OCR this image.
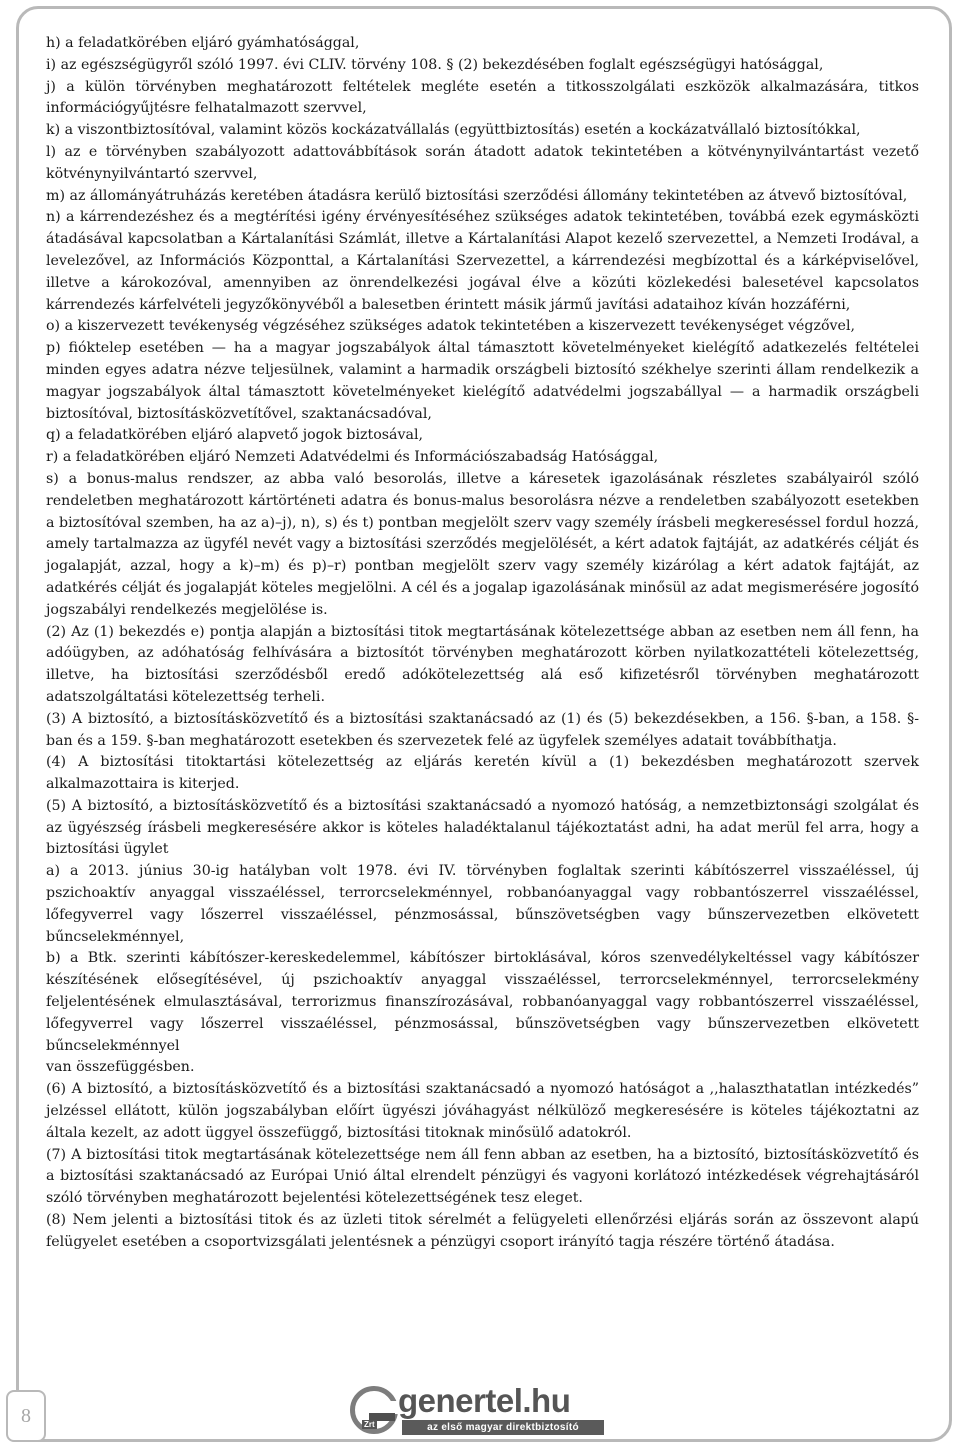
h) a feladatkörében eljáró gyámhatósággal,

i) az egészségügyről szóló 1997. évi CLIV. törvény 108. § (2) bekezdésében foglalt egészségügyi hatósággal,

j) a külön törvényben meghatározott feltételek megléte esetén a titkosszolgálati eszközök alkalmazására, titkos információgyűjtésre felhatalmazott szervvel,

k) a viszontbiztosítóval, valamint közös kockázatvállalás (együttbiztosítás) esetén a kockázatvállaló biztosítókkal,

l) az e törvényben szabályozott adattovábbítások során átadott adatok tekintetében a kötvénynyilvántartást vezető kötvénynyilvántartó szervvel,

m) az állományátruházás keretében átadásra kerülő biztosítási szerződési állomány tekintetében az átvevő biztosítóval,

n) a kárrendezéshez és a megtérítési igény érvényesítéséhez szükséges adatok tekintetében, továbbá ezek egymásközti átadásával kapcsolatban a Kártalanítási Számlát, illetve a Kártalanítási Alapot kezelő szervezettel, a Nemzeti Irodával, a levelezővel, az Információs Központtal, a Kártalanítási Szervezettel, a kárrendezési megbízottal és a kárképviselővel, illetve a károkozóval, amennyiben az önrendelkezési jogával élve a közúti közlekedési balesetével kapcsolatos kárrendezés kárfelvételi jegyzőkönyvéből a balesetben érintett másik jármű javítási adataihoz kíván hozzáférni,

o) a kiszervezett tevékenység végzéséhez szükséges adatok tekintetében a kiszervezett tevékenységet végzővel,

p) fióktelep esetében — ha a magyar jogszabályok által támasztott követelményeket kielégítő adatkezelés feltételei minden egyes adatra nézve teljesülnek, valamint a harmadik országbeli biztosító székhelye szerinti állam rendelkezik a magyar jogszabályok által támasztott követelményeket kielégítő adatvédelmi jogszabállyal — a harmadik országbeli biztosítóval, biztosításközvetítővel, szaktanácsadóval,

q) a feladatkörében eljáró alapvető jogok biztosával,

r) a feladatkörében eljáró Nemzeti Adatvédelmi és Információszabadság Hatósággal,

s) a bonus-malus rendszer, az abba való besorolás, illetve a káresetek igazolásának részletes szabályairól szóló rendeletben meghatározott kártörténeti adatra és bonus-malus besorolásra nézve a rendeletben szabályozott esetekben a biztosítóval szemben, ha az a)–j), n), s) és t) pontban megjelölt szerv vagy személy írásbeli megkereséssel fordul hozzá, amely tartalmazza az ügyfél nevét vagy a biztosítási szerződés megjelölését, a kért adatok fajtáját, az adatkérés célját és jogalapját, azzal, hogy a k)–m) és p)–r) pontban megjelölt szerv vagy személy kizárólag a kért adatok fajtáját, az adatkérés célját és jogalapját köteles megjelölni. A cél és a jogalap igazolásának minősül az adat megismerésére jogosító jogszabályi rendelkezés megjelölése is.

(2) Az (1) bekezdés e) pontja alapján a biztosítási titok megtartásának kötelezettsége abban az esetben nem áll fenn, ha adóügyben, az adóhatóság felhívására a biztosítót törvényben meghatározott körben nyilatkozattételi kötelezettség, illetve, ha biztosítási szerződésből eredő adókötelezettség alá eső kifizetésről törvényben meghatározott adatszolgáltatási kötelezettség terheli.

(3) A biztosító, a biztosításközvetítő és a biztosítási szaktanácsadó az (1) és (5) bekezdésekben, a 156. §-ban, a 158. §-ban és a 159. §-ban meghatározott esetekben és szervezetek felé az ügyfelek személyes adatait továbbíthatja.

(4) A biztosítási titoktartási kötelezettség az eljárás keretén kívül a (1) bekezdésben meghatározott szervek alkalmazottaira is kiterjed.

(5) A biztosító, a biztosításközvetítő és a biztosítási szaktanácsadó a nyomozó hatóság, a nemzetbiztonsági szolgálat és az ügyészség írásbeli megkeresésére akkor is köteles haladéktalanul tájékoztatást adni, ha adat merül fel arra, hogy a biztosítási ügylet

a) a 2013. június 30-ig hatályban volt 1978. évi IV. törvényben foglaltak szerinti kábítószerrel visszaéléssel, új pszichoaktív anyaggal visszaéléssel, terrorcselekménnyel, robbanóanyaggal vagy robbantószerrel visszaéléssel, lőfegyverrel vagy lőszerrel visszaéléssel, pénzmosással, bűnszövetségben vagy bűnszervezetben elkövetett bűncselekménnyel,

b) a Btk. szerinti kábítószer-kereskedelemmel, kábítószer birtoklásával, kóros szenvedélykeltéssel vagy kábítószer készítésének elősegítésével, új pszichoaktív anyaggal visszaéléssel, terrorcselekménnyel, terrorcselekmény feljelentésének elmulasztásával, terrorizmus finanszírozásával, robbanóanyaggal vagy robbantószerrel visszaéléssel, lőfegyverrel vagy lőszerrel visszaéléssel, pénzmosással, bűnszövetségben vagy bűnszervezetben elkövetett bűncselekménnyel

van összefüggésben.

(6) A biztosító, a biztosításközvetítő és a biztosítási szaktanácsadó a nyomozó hatóságot a ,,halaszthatatlan intézkedés” jelzéssel ellátott, külön jogszabályban előírt ügyészi jóváhagyást nélkülöző megkeresésére is köteles tájékoztatni az általa kezelt, az adott üggyel összefüggő, biztosítási titoknak minősülő adatokról.

(7) A biztosítási titok megtartásának kötelezettsége nem áll fenn abban az esetben, ha a biztosító, biztosításközvetítő és a biztosítási szaktanácsadó az Európai Unió által elrendelt pénzügyi és vagyoni korlátozó intézkedések végrehajtásáról szóló törvényben meghatározott bejelentési kötelezettségének tesz eleget.

(8) Nem jelenti a biztosítási titok és az üzleti titok sérelmét a felügyeleti ellenőrzési eljárás során az összevont alapú felügyelet esetében a csoportvizsgálati jelentésnek a pénzügyi csoport irányító tagja részére történő átadása.

8	Zrt
genertel.hu
az első magyar direktbiztosító
